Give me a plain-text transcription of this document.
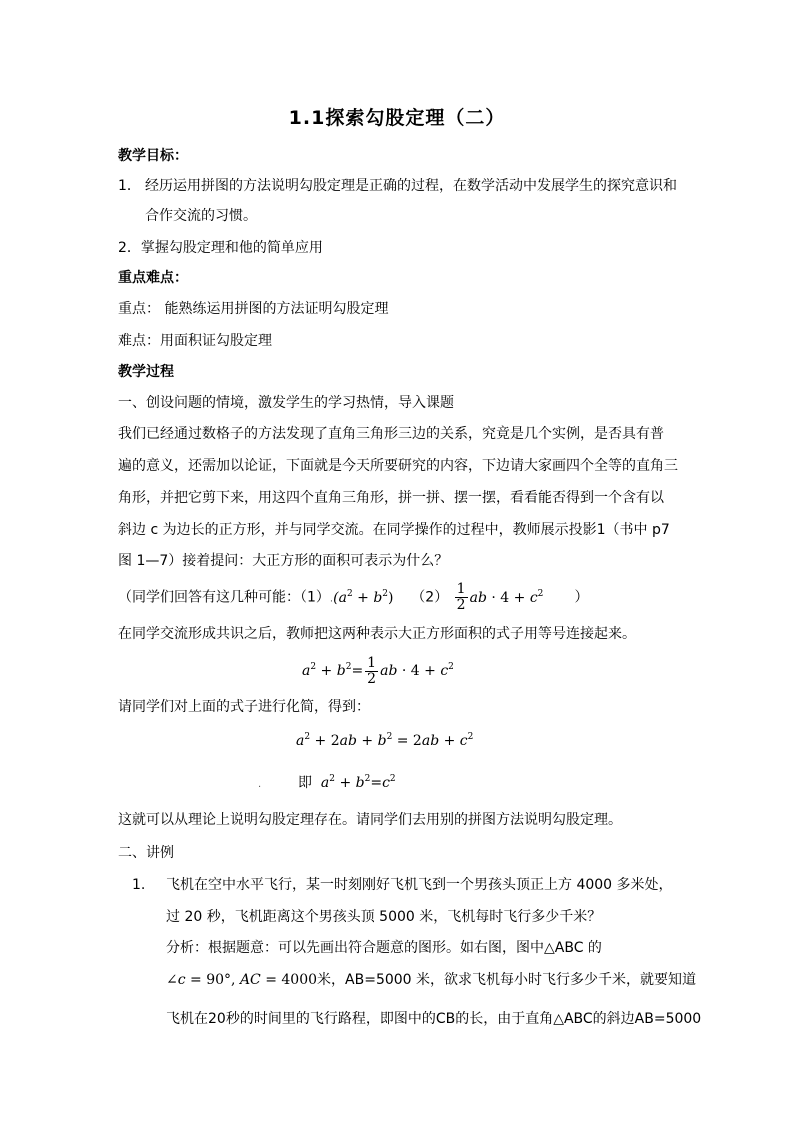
1.1探索勾股定理（二）
教学目标：
1． 经历运用拼图的方法说明勾股定理是正确的过程，在数学活动中发展学生的探究意识和
合作交流的习惯。
2．掌握勾股定理和他的简单应用
重点难点：
重点： 能熟练运用拼图的方法证明勾股定理
难点：用面积证勾股定理
教学过程
一、创设问题的情境，激发学生的学习热情，导入课题
我们已经通过数格子的方法发现了直角三角形三边的关系，究竟是几个实例，是否具有普
遍的意义，还需加以论证，下面就是今天所要研究的内容，下边请大家画四个全等的直角三
角形，并把它剪下来，用这四个直角三角形，拼一拼、摆一摆，看看能否得到一个含有以
斜边 c 为边长的正方形，并与同学交流。在同学操作的过程中，教师展示投影1（书中 p7
图 1—7）接着提问：大正方形的面积可表示为什么？
（同学们回答有这几种可能：$(1).(a^2 + b^2)$ $(2) \frac{1}{2}$ ab · $4 + c^2$ ）
在同学交流形成共识之后，教师把这两种表示大正方形面积的式子用等号连接起来。
$a^2 + b^2= \frac{1}{2}$ ab · $4 + c^2$
请同学们对上面的式子进行化简，得到：
$a^2 + 2ab + b^2 = 2ab + c^2$
.	即 $a^2 + b^2=c^2$
这就可以从理论上说明勾股定理存在。请同学们去用别的拼图方法说明勾股定理。
二、讲例
1. 飞机在空中水平飞行，某一时刻刚好飞机飞到一个男孩头顶正上方 4000 多米处，
过 20 秒，飞机距离这个男孩头顶 5000 米，飞机每时飞行多少千米？
分析：根据题意：可以先画出符合题意的图形。如右图，图中△ABC 的
∠c = 90°, AC = 4000米，AB=5000 米，欲求飞机每小时飞行多少千米，就要知道
飞机在20秒的时间里的飞行路程，即图中的CB的长，由于直角△ABC的斜边AB=5000
